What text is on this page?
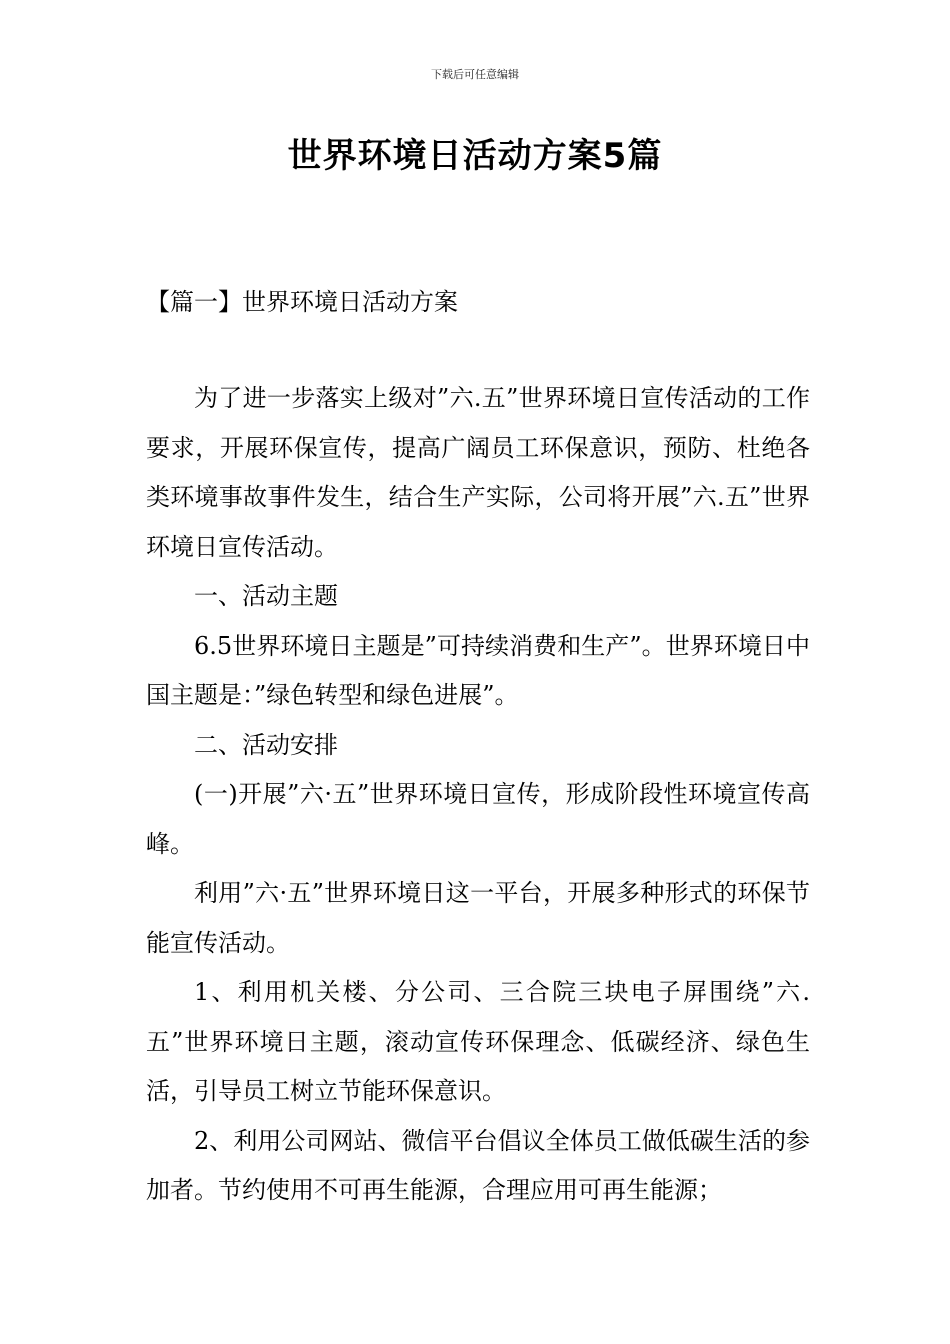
下载后可任意编辑
世界环境日活动方案5篇
【篇一】世界环境日活动方案

为了进一步落实上级对”六.五”世界环境日宣传活动的工作要求，开展环保宣传，提高广阔员工环保意识，预防、杜绝各类环境事故事件发生，结合生产实际，公司将开展”六.五”世界环境日宣传活动。

一、活动主题

6.5世界环境日主题是”可持续消费和生产”。世界环境日中国主题是：”绿色转型和绿色进展”。

二、活动安排

(一)开展”六·五”世界环境日宣传，形成阶段性环境宣传高峰。

利用”六·五”世界环境日这一平台，开展多种形式的环保节能宣传活动。

1、利用机关楼、分公司、三合院三块电子屏围绕”六.五”世界环境日主题，滚动宣传环保理念、低碳经济、绿色生活，引导员工树立节能环保意识。

2、利用公司网站、微信平台倡议全体员工做低碳生活的参加者。节约使用不可再生能源，合理应用可再生能源；
